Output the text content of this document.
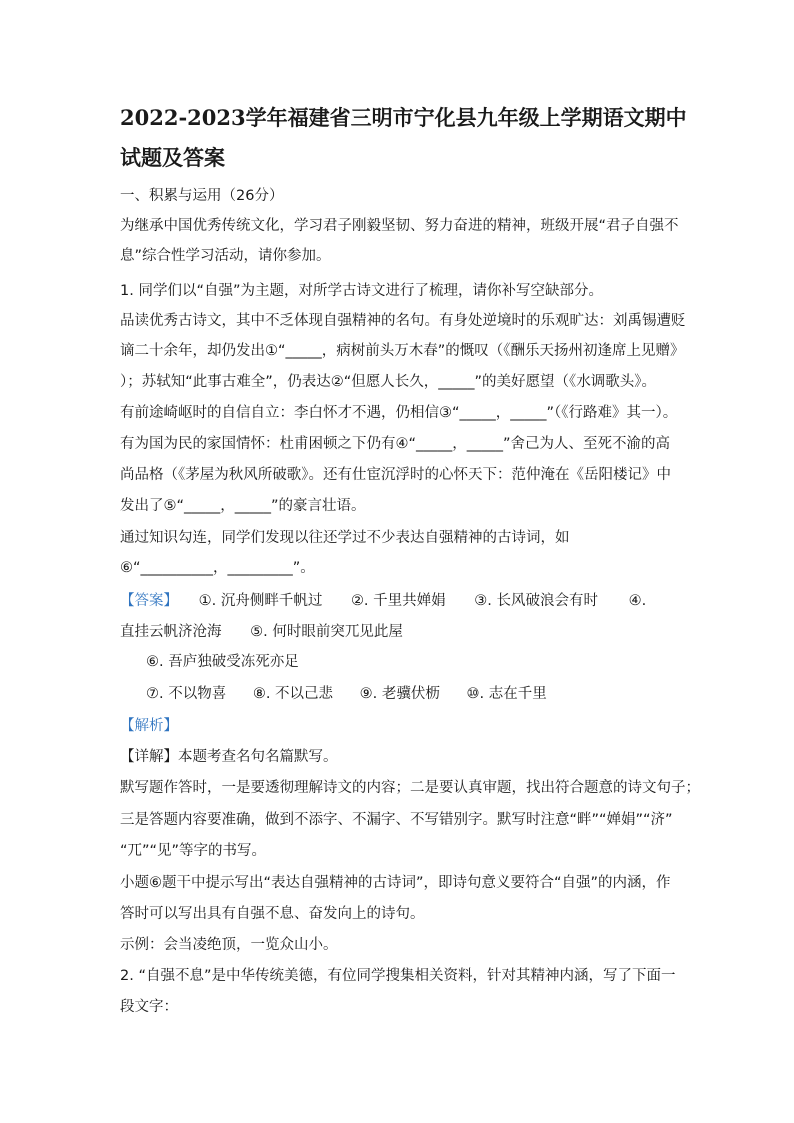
2022-2023学年福建省三明市宁化县九年级上学期语文期中
试题及答案

一、积累与运用（26分）

为继承中国优秀传统文化，学习君子刚毅坚韧、努力奋进的精神，班级开展“君子自强不

息”综合性学习活动，请你参加。

1. 同学们以“自强”为主题，对所学古诗文进行了梳理，请你补写空缺部分。

品读优秀古诗文，其中不乏体现自强精神的名句。有身处逆境时的乐观旷达：刘禹锡遭贬

谪二十余年，却仍发出①“_____，病树前头万木春”的慨叹（《酬乐天扬州初逢席上见赠》

）；苏轼知“此事古难全”，仍表达②“但愿人长久，_____”的美好愿望（《水调歌头》。

有前途崎岖时的自信自立：李白怀才不遇，仍相信③“_____，_____”（《行路难》其一）。

有为国为民的家国情怀：杜甫困顿之下仍有④“_____，_____”舍己为人、至死不渝的高

尚品格（《茅屋为秋风所破歌》。还有仕宦沉浮时的心怀天下：范仲淹在《岳阳楼记》中

发出了⑤“_____，_____”的豪言壮语。

通过知识勾连，同学们发现以往还学过不少表达自强精神的古诗词，如

⑥“__________，_________”。

【答案】 ①. 沉舟侧畔千帆过 ②. 千里共婵娟 ③. 长风破浪会有时 ④.
直挂云帆济沧海 ⑤. 何时眼前突兀见此屋
⑥. 吾庐独破受冻死亦足
⑦. 不以物喜 ⑧. 不以己悲 ⑨. 老骥伏枥 ⑩. 志在千里

【解析】

【详解】本题考查名句名篇默写。

默写题作答时，一是要透彻理解诗文的内容；二是要认真审题，找出符合题意的诗文句子；

三是答题内容要准确，做到不添字、不漏字、不写错别字。默写时注意“畔”“婵娟”“济”

“兀”“见”等字的书写。

小题⑥题干中提示写出“表达自强精神的古诗词”，即诗句意义要符合“自强”的内涵，作

答时可以写出具有自强不息、奋发向上的诗句。

示例：会当凌绝顶，一览众山小。

2. “自强不息”是中华传统美德，有位同学搜集相关资料，针对其精神内涵，写了下面一

段文字：
